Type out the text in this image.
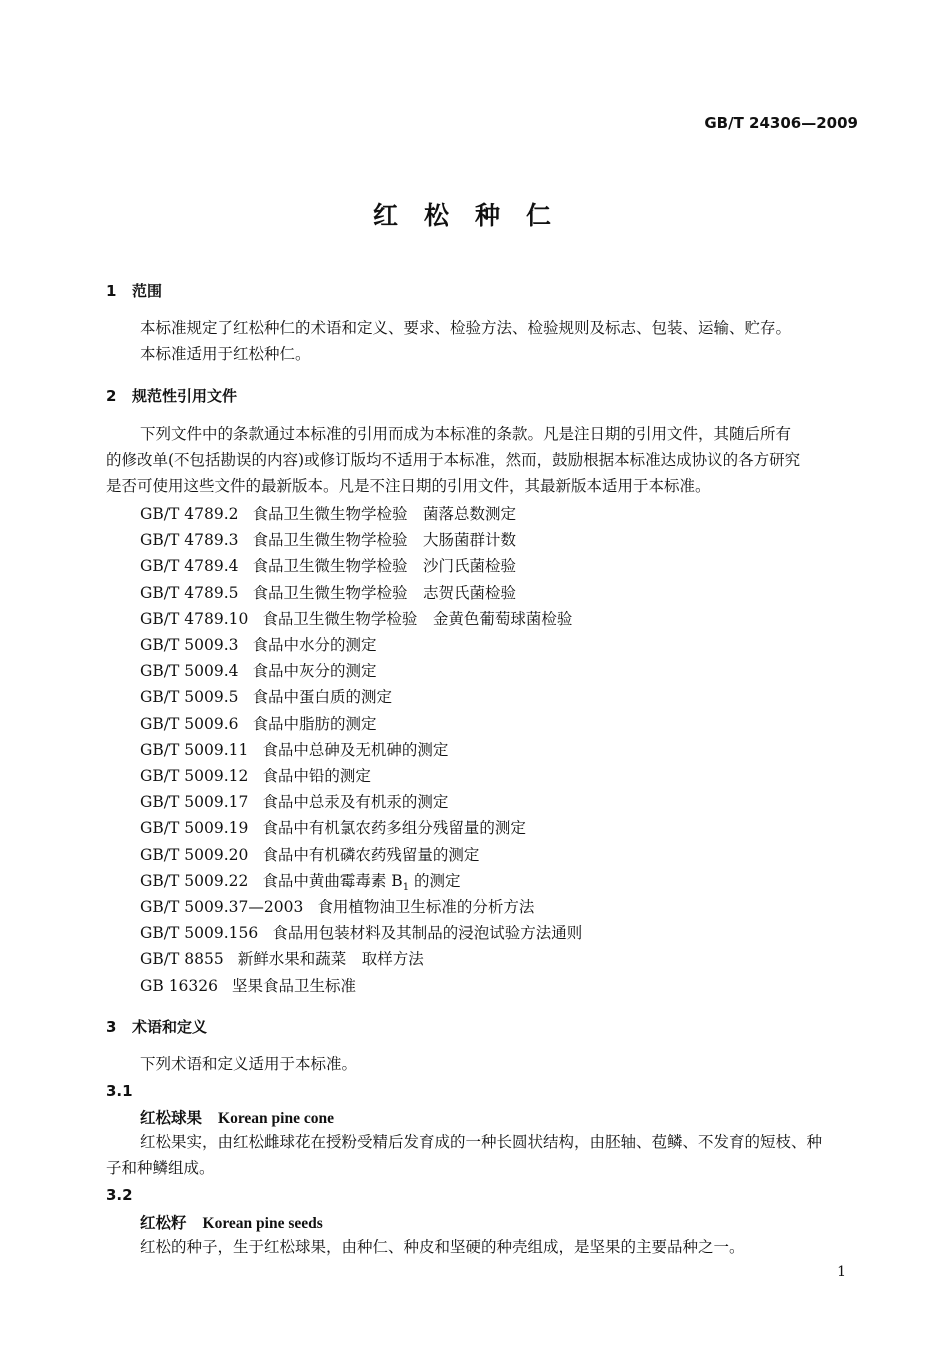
GB/T 24306—2009
红松种仁
1 范围
本标准规定了红松种仁的术语和定义、要求、检验方法、检验规则及标志、包装、运输、贮存。
本标准适用于红松种仁。
2 规范性引用文件
下列文件中的条款通过本标准的引用而成为本标准的条款。凡是注日期的引用文件，其随后所有
的修改单(不包括勘误的内容)或修订版均不适用于本标准，然而，鼓励根据本标准达成协议的各方研究
是否可使用这些文件的最新版本。凡是不注日期的引用文件，其最新版本适用于本标准。
GB/T 4789.2 食品卫生微生物学检验　菌落总数测定
GB/T 4789.3 食品卫生微生物学检验　大肠菌群计数
GB/T 4789.4 食品卫生微生物学检验　沙门氏菌检验
GB/T 4789.5 食品卫生微生物学检验　志贺氏菌检验
GB/T 4789.10 食品卫生微生物学检验　金黄色葡萄球菌检验
GB/T 5009.3 食品中水分的测定
GB/T 5009.4 食品中灰分的测定
GB/T 5009.5 食品中蛋白质的测定
GB/T 5009.6 食品中脂肪的测定
GB/T 5009.11 食品中总砷及无机砷的测定
GB/T 5009.12 食品中铅的测定
GB/T 5009.17 食品中总汞及有机汞的测定
GB/T 5009.19 食品中有机氯农药多组分残留量的测定
GB/T 5009.20 食品中有机磷农药残留量的测定
GB/T 5009.22 食品中黄曲霉毒素 $B_1$ 的测定
GB/T 5009.37—2003 食用植物油卫生标准的分析方法
GB/T 5009.156 食品用包装材料及其制品的浸泡试验方法通则
GB/T 8855 新鲜水果和蔬菜　取样方法
GB 16326 坚果食品卫生标准
3 术语和定义
下列术语和定义适用于本标准。
3.1
红松球果 Korean pine cone
红松果实，由红松雌球花在授粉受精后发育成的一种长圆状结构，由胚轴、苞鳞、不发育的短枝、种
子和种鳞组成。
3.2
红松籽 Korean pine seeds
红松的种子，生于红松球果，由种仁、种皮和坚硬的种壳组成，是坚果的主要品种之一。
1
